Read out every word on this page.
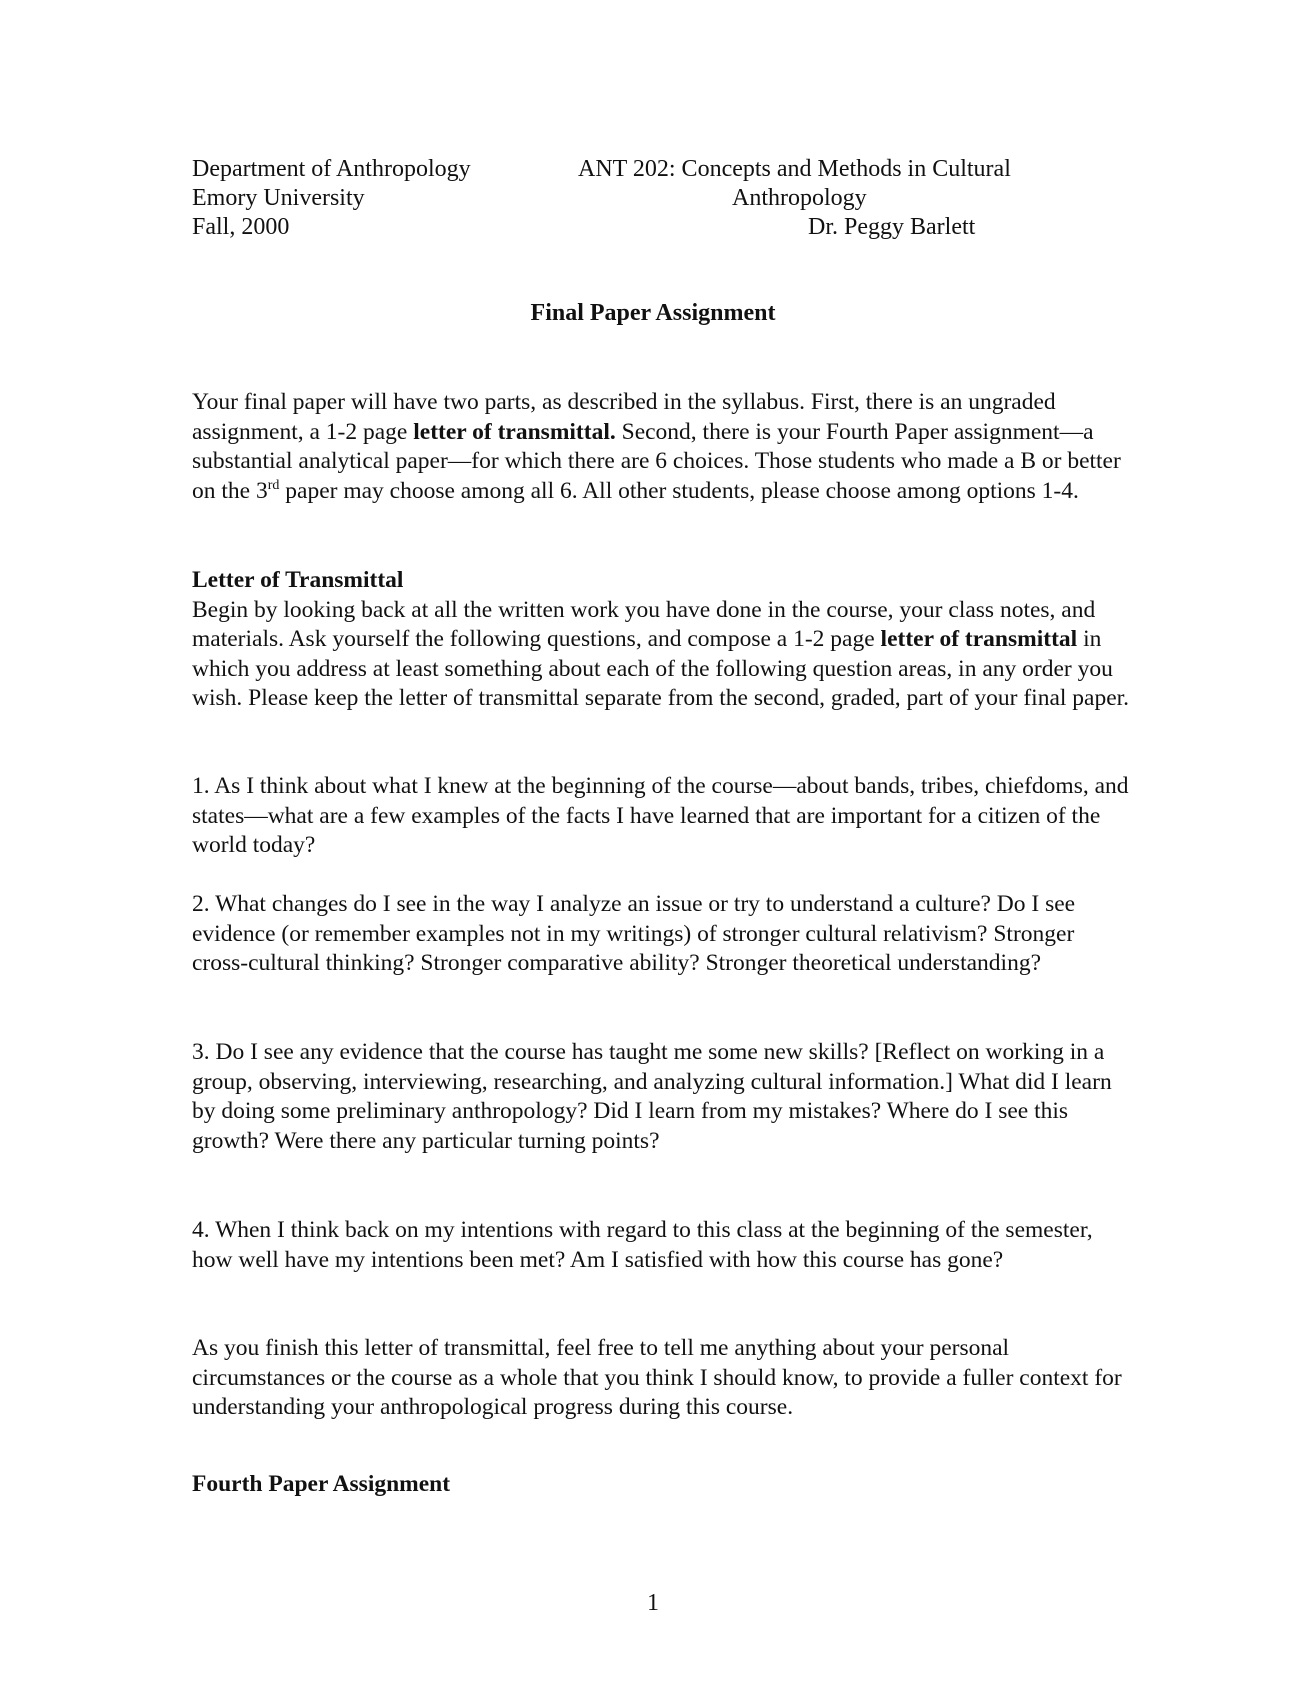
Department of Anthropology
Emory University
Fall, 2000
ANT 202: Concepts and Methods in Cultural
Anthropology
Dr. Peggy Barlett
Final Paper Assignment
Your final paper will have two parts, as described in the syllabus. First, there is an ungraded assignment, a 1-2 page letter of transmittal. Second, there is your Fourth Paper assignment—a substantial analytical paper—for which there are 6 choices. Those students who made a B or better on the 3rd paper may choose among all 6. All other students, please choose among options 1-4.
Letter of Transmittal
Begin by looking back at all the written work you have done in the course, your class notes, and materials. Ask yourself the following questions, and compose a 1-2 page letter of transmittal in which you address at least something about each of the following question areas, in any order you wish. Please keep the letter of transmittal separate from the second, graded, part of your final paper.
1. As I think about what I knew at the beginning of the course—about bands, tribes, chiefdoms, and states—what are a few examples of the facts I have learned that are important for a citizen of the world today?
2. What changes do I see in the way I analyze an issue or try to understand a culture? Do I see evidence (or remember examples not in my writings) of stronger cultural relativism? Stronger cross-cultural thinking? Stronger comparative ability? Stronger theoretical understanding?
3. Do I see any evidence that the course has taught me some new skills? [Reflect on working in a group, observing, interviewing, researching, and analyzing cultural information.] What did I learn by doing some preliminary anthropology? Did I learn from my mistakes? Where do I see this growth? Were there any particular turning points?
4. When I think back on my intentions with regard to this class at the beginning of the semester, how well have my intentions been met? Am I satisfied with how this course has gone?
As you finish this letter of transmittal, feel free to tell me anything about your personal circumstances or the course as a whole that you think I should know, to provide a fuller context for understanding your anthropological progress during this course.
Fourth Paper Assignment
1
